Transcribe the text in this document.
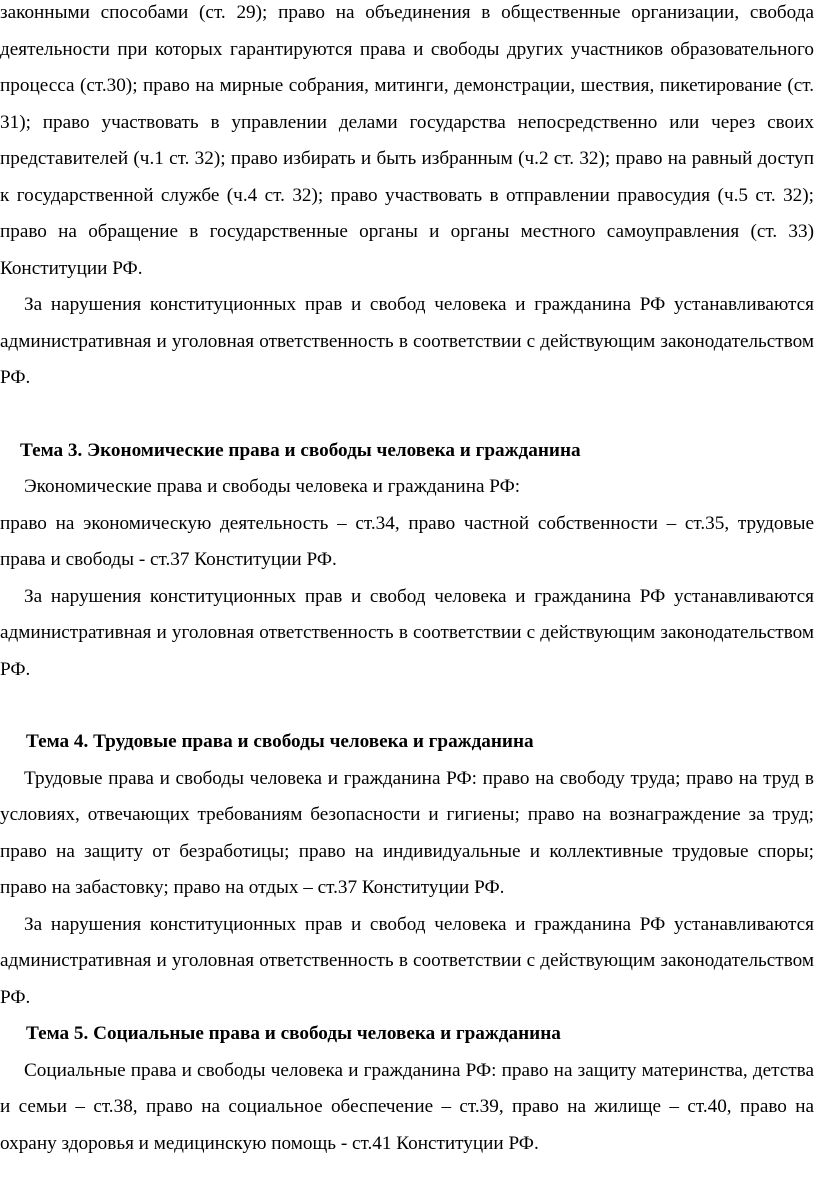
законными способами (ст. 29); право на объединения в общественные организации, свобода деятельности при которых гарантируются права и свободы других участников образовательного процесса (ст.30); право на мирные собрания, митинги, демонстрации, шествия, пикетирование (ст. 31); право участвовать в управлении делами государства непосредственно или через своих представителей (ч.1 ст. 32); право избирать и быть избранным (ч.2 ст. 32); право на равный доступ к государственной службе (ч.4 ст. 32); право участвовать в отправлении правосудия (ч.5 ст. 32); право на обращение в государственные органы и органы местного самоуправления (ст. 33) Конституции РФ.

За нарушения конституционных прав и свобод человека и гражданина РФ устанавливаются административная и уголовная ответственность в соответствии с действующим законодательством РФ.

Тема 3. Экономические права и свободы человека и гражданина

Экономические права и свободы человека и гражданина РФ:

право на экономическую деятельность – ст.34, право частной собственности – ст.35, трудовые права и свободы - ст.37 Конституции РФ.

За нарушения конституционных прав и свобод человека и гражданина РФ устанавливаются административная и уголовная ответственность в соответствии с действующим законодательством РФ.

Тема 4. Трудовые права и свободы человека и гражданина

Трудовые права и свободы человека и гражданина РФ: право на свободу труда; право на труд в условиях, отвечающих требованиям безопасности и гигиены; право на вознаграждение за труд; право на защиту от безработицы; право на индивидуальные и коллективные трудовые споры; право на забастовку; право на отдых – ст.37 Конституции РФ.

За нарушения конституционных прав и свобод человека и гражданина РФ устанавливаются административная и уголовная ответственность в соответствии с действующим законодательством РФ.

Тема 5. Социальные права и свободы человека и гражданина

Социальные права и свободы человека и гражданина РФ: право на защиту материнства, детства и семьи – ст.38, право на социальное обеспечение – ст.39, право на жилище – ст.40, право на охрану здоровья и медицинскую помощь - ст.41 Конституции РФ.
